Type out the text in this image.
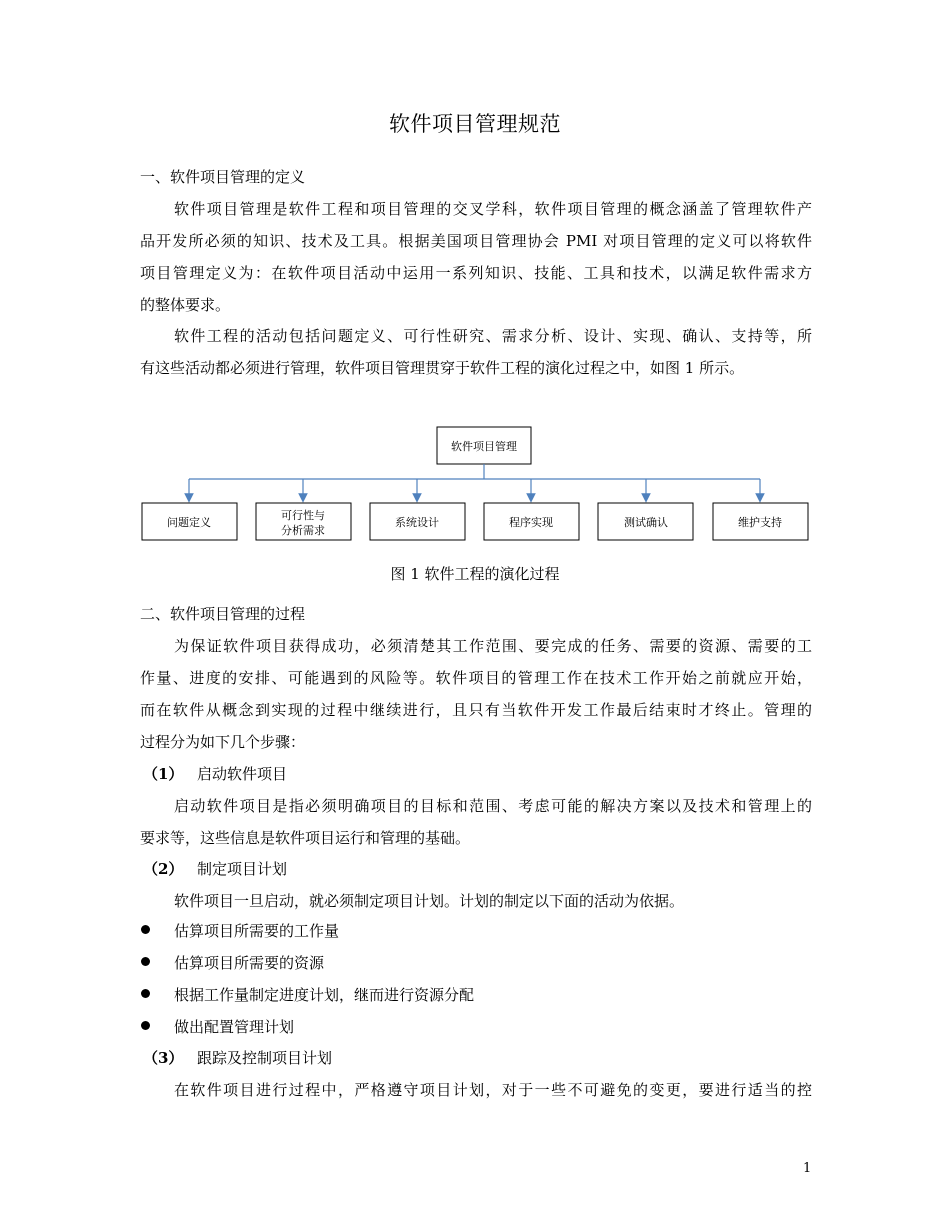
软件项目管理规范
一、软件项目管理的定义
软件项目管理是软件工程和项目管理的交叉学科，软件项目管理的概念涵盖了管理软件产
品开发所必须的知识、技术及工具。根据美国项目管理协会 PMI 对项目管理的定义可以将软件
项目管理定义为：在软件项目活动中运用一系列知识、技能、工具和技术，以满足软件需求方
的整体要求。
软件工程的活动包括问题定义、可行性研究、需求分析、设计、实现、确认、支持等，所
有这些活动都必须进行管理，软件项目管理贯穿于软件工程的演化过程之中，如图 1 所示。
软件项目管理
问题定义
可行性与
分析需求
系统设计	程序实现	测试确认	维护支持
图 1 软件工程的演化过程
二、软件项目管理的过程
为保证软件项目获得成功，必须清楚其工作范围、要完成的任务、需要的资源、需要的工
作量、进度的安排、可能遇到的风险等。软件项目的管理工作在技术工作开始之前就应开始，
而在软件从概念到实现的过程中继续进行，且只有当软件开发工作最后结束时才终止。管理的
过程分为如下几个步骤：
（1） 启动软件项目
启动软件项目是指必须明确项目的目标和范围、考虑可能的解决方案以及技术和管理上的
要求等，这些信息是软件项目运行和管理的基础。
（2） 制定项目计划
软件项目一旦启动，就必须制定项目计划。计划的制定以下面的活动为依据。
估算项目所需要的工作量
估算项目所需要的资源
根据工作量制定进度计划，继而进行资源分配
做出配置管理计划
（3） 跟踪及控制项目计划
在软件项目进行过程中，严格遵守项目计划，对于一些不可避免的变更，要进行适当的控
1
